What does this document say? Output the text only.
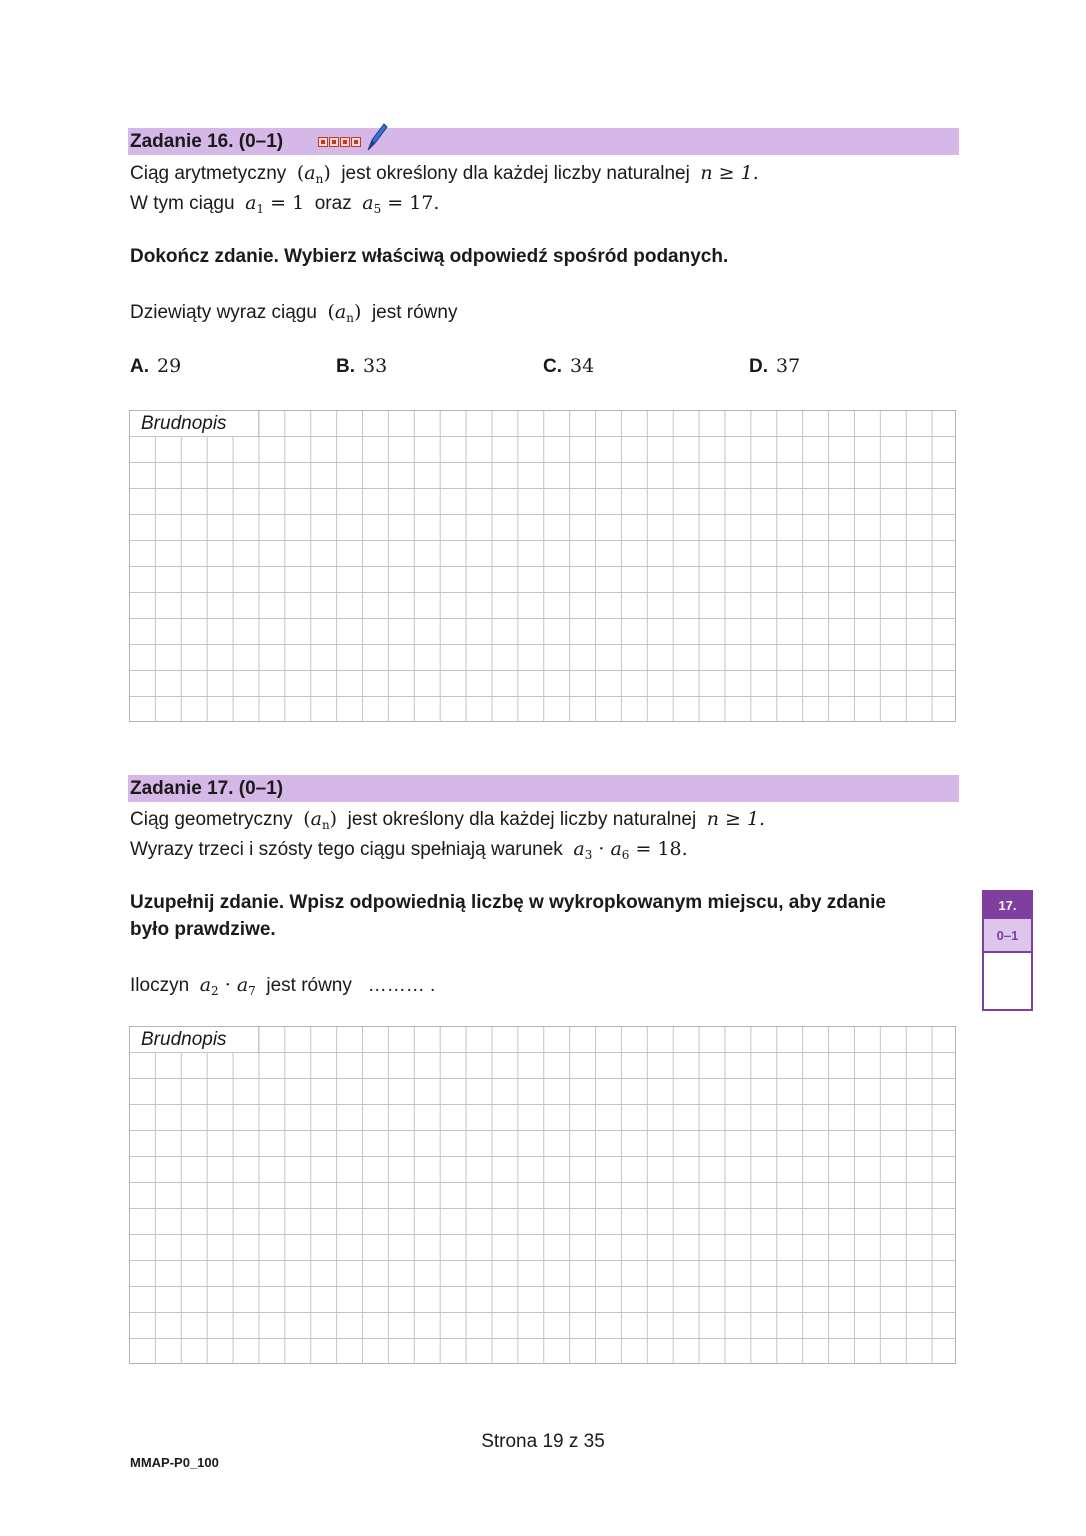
Zadanie 16. (0–1)
Ciąg arytmetyczny $(a_n)$ jest określony dla każdej liczby naturalnej n ≥ 1.
W tym ciągu $a_1 = 1$ oraz $a_5 = 17$.
Dokończ zdanie. Wybierz właściwą odpowiedź spośród podanych.
Dziewiąty wyraz ciągu $(a_n)$ jest równy
A. 29	B. 33	C. 34	D. 37
Brudnopis
Zadanie 17. (0–1)
Ciąg geometryczny $(a_n)$ jest określony dla każdej liczby naturalnej n ≥ 1.
Wyrazy trzeci i szósty tego ciągu spełniają warunek $a_3 \cdot a_6 = 18$.
Uzupełnij zdanie. Wpisz odpowiednią liczbę w wykropkowanym miejscu, aby zdanie
było prawdziwe.
Iloczyn $a_2 \cdot a_7$ jest równy ……… .
Brudnopis
17.
0–1
Strona 19 z 35
MMAP-P0_100
